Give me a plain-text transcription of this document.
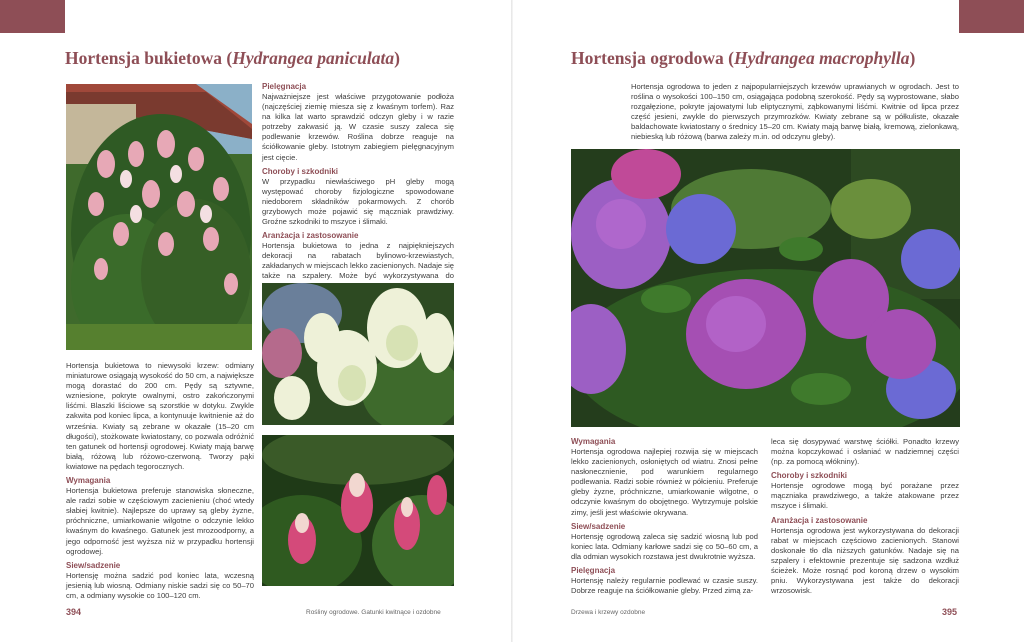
Hortensja bukietowa (Hydrangea paniculata)

Pielęgnacja

Najważniejsze jest właściwe przygotowanie podłoża (najczęściej ziemię miesza się z kwaśnym torfem). Raz na kilka lat warto sprawdzić odczyn gleby i w razie potrzeby zakwasić ją. W czasie suszy zaleca się podlewanie krzewów. Roślina dobrze reaguje na ściółkowanie gleby. Istotnym zabiegiem pielęgnacyjnym jest cięcie.

Choroby i szkodniki

W przypadku niewłaściwego pH gleby mogą występować choroby fizjologiczne spowodowane niedoborem składników pokarmowych. Z chorób grzybowych może pojawić się mączniak prawdziwy. Groźne szkodniki to mszyce i ślimaki.

Aranżacja i zastosowanie

Hortensja bukietowa to jedna z najpiękniejszych dekoracji na rabatach bylinowo-krzewiastych, zakładanych w miejscach lekko zacienionych. Nadaje się także na szpalery. Może być wykorzystywana do

Hortensja bukietowa to niewysoki krzew: odmiany miniaturowe osiągają wysokość do 50 cm, a największe mogą dorastać do 200 cm. Pędy są sztywne, wzniesione, pokryte owalnymi, ostro zakończonymi liśćmi. Blaszki liściowe są szorstkie w dotyku. Zwykle zakwita pod koniec lipca, a kontynuuje kwitnienie aż do września. Kwiaty są zebrane w okazałe (15–20 cm długości), stożkowate kwiatostany, co pozwala odróżnić ten gatunek od hortensji ogrodowej. Kwiaty mają barwę białą, różową lub różowo-czerwoną. Tworzy pąki kwiatowe na pędach tegorocznych.

Wymagania

Hortensja bukietowa preferuje stanowiska słoneczne, ale radzi sobie w częściowym zacienieniu (choć wtedy słabiej kwitnie). Najlepsze do uprawy są gleby żyzne, próchniczne, umiarkowanie wilgotne o odczynie lekko kwaśnym do kwaśnego. Gatunek jest mrozoodporny, a jego odporność jest wyższa niż w przypadku hortensji ogrodowej.

Siew/sadzenie

Hortensję można sadzić pod koniec lata, wczesną jesienią lub wiosną. Odmiany niskie sadzi się co 50–70 cm, a odmiany wysokie co 100–120 cm.

394	Rośliny ogrodowe. Gatunki kwitnące i ozdobne
Hortensja ogrodowa (Hydrangea macrophylla)

Hortensja ogrodowa to jeden z najpopularniejszych krzewów uprawianych w ogrodach. Jest to roślina o wysokości 100–150 cm, osiągająca podobną szerokość. Pędy są wyprostowane, słabo rozgałęzione, pokryte jajowatymi lub eliptycznymi, ząbkowanymi liśćmi. Kwitnie od lipca przez część jesieni, zwykle do pierwszych przymrozków. Kwiaty zebrane są w półkuliste, okazałe baldachowate kwiatostany o średnicy 15–20 cm. Kwiaty mają barwę białą, kremową, zielonkawą, niebieską lub różową (barwa zależy m.in. od odczynu gleby).

Wymagania

Hortensja ogrodowa najlepiej rozwija się w miejscach lekko zacienionych, osłoniętych od wiatru. Znosi pełne nasłonecznienie, pod warunkiem regularnego podlewania. Radzi sobie również w półcieniu. Preferuje gleby żyzne, próchniczne, umiarkowanie wilgotne, o odczynie kwaśnym do obojętnego. Wytrzymuje polskie zimy, jeśli jest właściwie okrywana.

Siew/sadzenie

Hortensję ogrodową zaleca się sadzić wiosną lub pod koniec lata. Odmiany karłowe sadzi się co 50–60 cm, a dla odmian wysokich rozstawa jest dwukrotnie wyższa.

Pielęgnacja

Hortensję należy regularnie podlewać w czasie suszy. Dobrze reaguje na ściółkowanie gleby. Przed zimą za-

leca się dosypywać warstwę ściółki. Ponadto krzewy można kopczykować i osłaniać w nadziemnej części (np. za pomocą włókniny).

Choroby i szkodniki

Hortensje ogrodowe mogą być porażane przez mączniaka prawdziwego, a także atakowane przez mszyce i ślimaki.

Aranżacja i zastosowanie

Hortensja ogrodowa jest wykorzystywana do dekoracji rabat w miejscach częściowo zacienionych. Stanowi doskonałe tło dla niższych gatunków. Nadaje się na szpalery i efektownie prezentuje się sadzona wzdłuż ścieżek. Może rosnąć pod koroną drzew o wysokim pniu. Wykorzystywana jest także do dekoracji wrzosowisk.

Drzewa i krzewy ozdobne	395
